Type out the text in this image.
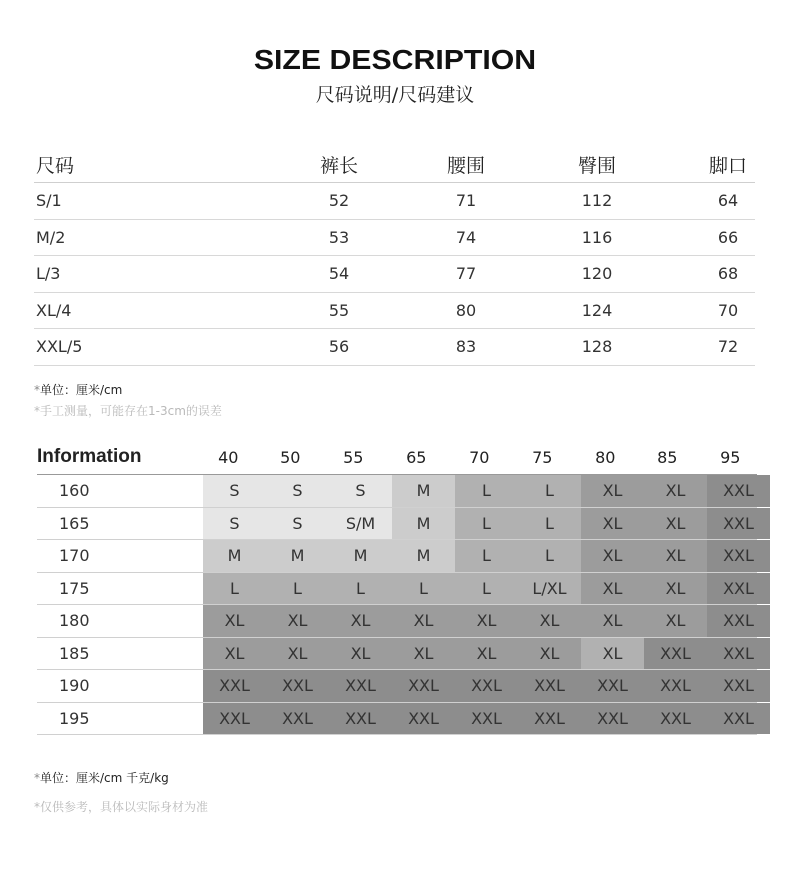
SIZE DESCRIPTION
尺码说明/尺码建议
尺码	裤长	腰围	臀围	脚口
S/1	52	71	112	64
M/2	53	74	116	66
L/3	54	77	120	68
XL/4	55	80	124	70
XXL/5	56	83	128	72
*单位：厘米/cm
*手工测量，可能存在1-3cm的误差
Information	40	50	55	65	70	75	80	85	95
160	S	S	S	M	L	L	XL	XL	XXL
165	S	S	S/M	M	L	L	XL	XL	XXL
170	M	M	M	M	L	L	XL	XL	XXL
175	L	L	L	L	L	L/XL	XL	XL	XXL
180	XL	XL	XL	XL	XL	XL	XL	XL	XXL
185	XL	XL	XL	XL	XL	XL	XL	XXL	XXL
190	XXL	XXL	XXL	XXL	XXL	XXL	XXL	XXL	XXL
195	XXL	XXL	XXL	XXL	XXL	XXL	XXL	XXL	XXL
*单位：厘米/cm 千克/kg
*仅供参考，具体以实际身材为准
